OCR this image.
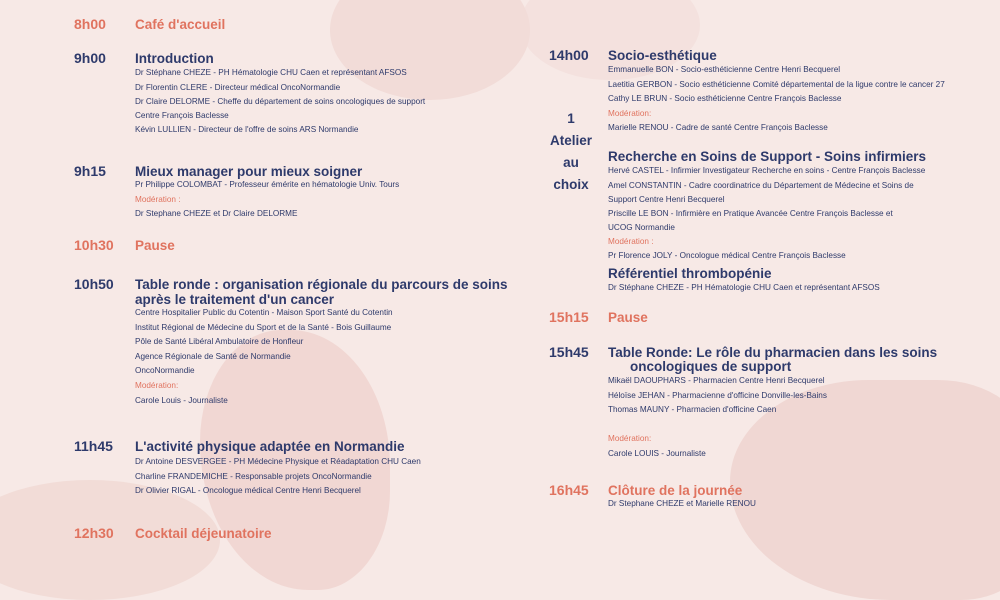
8h00 Café d'accueil
9h00 Introduction
Dr Stéphane CHEZE - PH Hématologie CHU Caen et représentant AFSOS
Dr Florentin CLERE - Directeur médical OncoNormandie
Dr Claire DELORME - Cheffe du département de soins oncologiques de support Centre François Baclesse
Kévin LULLIEN - Directeur de l'offre de soins ARS Normandie
9h15 Mieux manager pour mieux soigner
Pr Philippe COLOMBAT - Professeur émérite en hématologie Univ. Tours
Modération :
Dr Stephane CHEZE et Dr Claire DELORME
10h30 Pause
10h50 Table ronde : organisation régionale du parcours de soins
après le traitement d'un cancer
Centre Hospitalier Public du Cotentin - Maison Sport Santé du Cotentin
Institut Régional de Médecine du Sport et de la Santé - Bois Guillaume
Pôle de Santé Libéral Ambulatoire de Honfleur
Agence Régionale de Santé de Normandie
OncoNormandie
Modération:
Carole Louis - Journaliste
11h45 L'activité physique adaptée en Normandie
Dr Antoine DESVERGEE - PH Médecine Physique et Réadaptation CHU Caen
Charline FRANDEMICHE - Responsable projets OncoNormandie
Dr Olivier RIGAL - Oncologue médical Centre Henri Becquerel
12h30 Cocktail déjeunatoire
14h00 Socio-esthétique
Emmanuelle BON - Socio-esthéticienne Centre Henri Becquerel
Laetitia GERBON - Socio esthéticienne Comité départemental de la ligue contre le cancer 27
Cathy LE BRUN - Socio esthéticienne Centre François Baclesse
Modération:
Marielle RENOU - Cadre de santé Centre François Baclesse
1
Atelier
au
choix
Recherche en Soins de Support - Soins infirmiers
Hervé CASTEL - Infirmier Investigateur Recherche en soins - Centre François Baclesse
Amel CONSTANTIN - Cadre coordinatrice du Département de Médecine et Soins de Support Centre Henri Becquerel
Priscille LE BON - Infirmière en Pratique Avancée Centre François Baclesse et UCOG Normandie
Modération :
Pr Florence JOLY - Oncologue médical Centre François Baclesse
Référentiel thrombopénie
Dr Stéphane CHEZE - PH Hématologie CHU Caen et représentant AFSOS
15h15 Pause
15h45 Table Ronde: Le rôle du pharmacien dans les soins
oncologiques de support
Mikaël DAOUPHARS - Pharmacien Centre Henri Becquerel
Héloïse JEHAN - Pharmacienne d'officine Donville-les-Bains
Thomas MAUNY - Pharmacien d'officine Caen
Modération:
Carole LOUIS - Journaliste
16h45 Clôture de la journée
Dr Stephane CHEZE et Marielle RENOU
